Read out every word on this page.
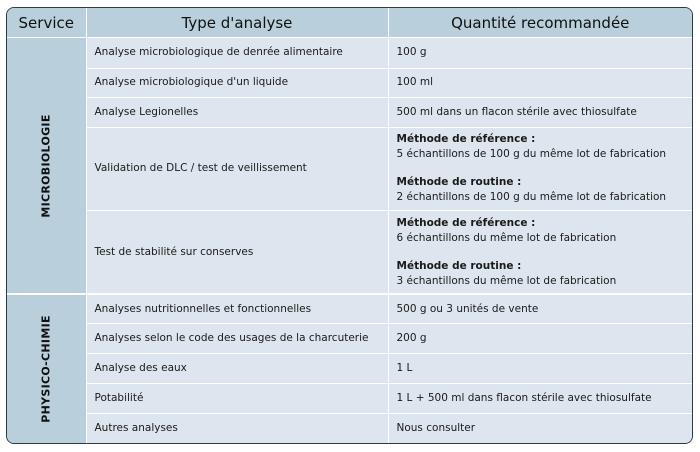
Service	Type d'analyse	Quantité recommandée

MICROBIOLOGIE	Analyse microbiologique de denrée alimentaire	100 g
	Analyse microbiologique d'un liquide	100 ml
	Analyse Legionelles	500 ml dans un flacon stérile avec thiosulfate
	Validation de DLC / test de veillissement	Méthode de référence :
5 échantillons de 100 g du même lot de fabrication
Méthode de routine :
2 échantillons de 100 g du même lot de fabrication

	Test de stabilité sur conserves	Méthode de référence :
6 échantillons du même lot de fabrication
Méthode de routine :
3 échantillons du même lot de fabrication

PHYSICO-CHIMIE	Analyses nutritionnelles et fonctionnelles	500 g ou 3 unités de vente
	Analyses selon le code des usages de la charcuterie	200 g
	Analyse des eaux	1 L
	Potabilité	1 L + 500 ml dans flacon stérile avec thiosulfate
	Autres analyses	Nous consulter
